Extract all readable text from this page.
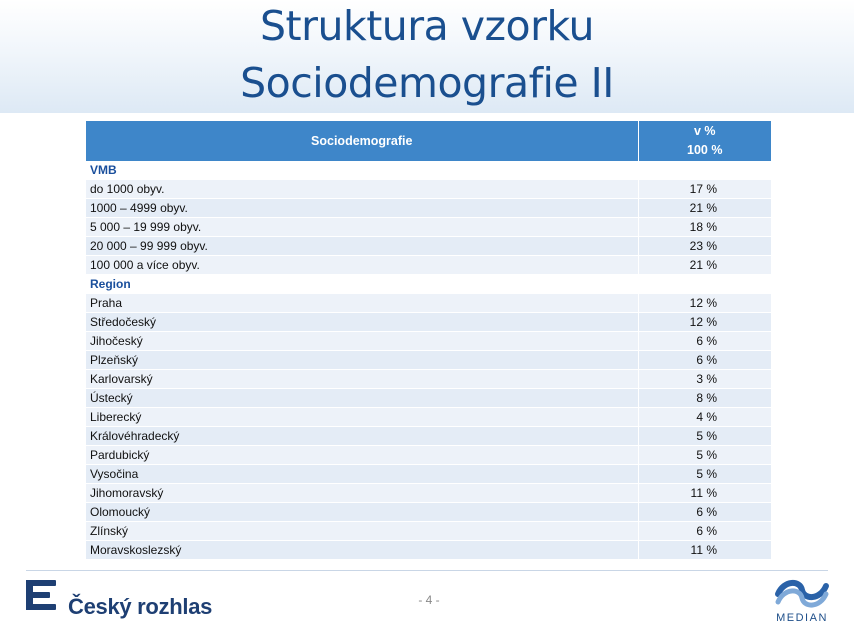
Struktura vzorku
Sociodemografie II
Sociodemografie	v %
100 %

VMB	
do 1000 obyv.	17 %
1000 – 4999 obyv.	21 %
5 000 – 19 999 obyv.	18 %
20 000 – 99 999 obyv.	23 %
100 000 a více obyv.	21 %
Region	
Praha	12 %
Středočeský	12 %
Jihočeský	6 %
Plzeňský	6 %
Karlovarský	3 %
Ústecký	8 %
Liberecký	4 %
Královéhradecký	5 %
Pardubický	5 %
Vysočina	5 %
Jihomoravský	11 %
Olomoucký	6 %
Zlínský	6 %
Moravskoslezský	11 %
Český rozhlas	- 4 -
MEDIAN
